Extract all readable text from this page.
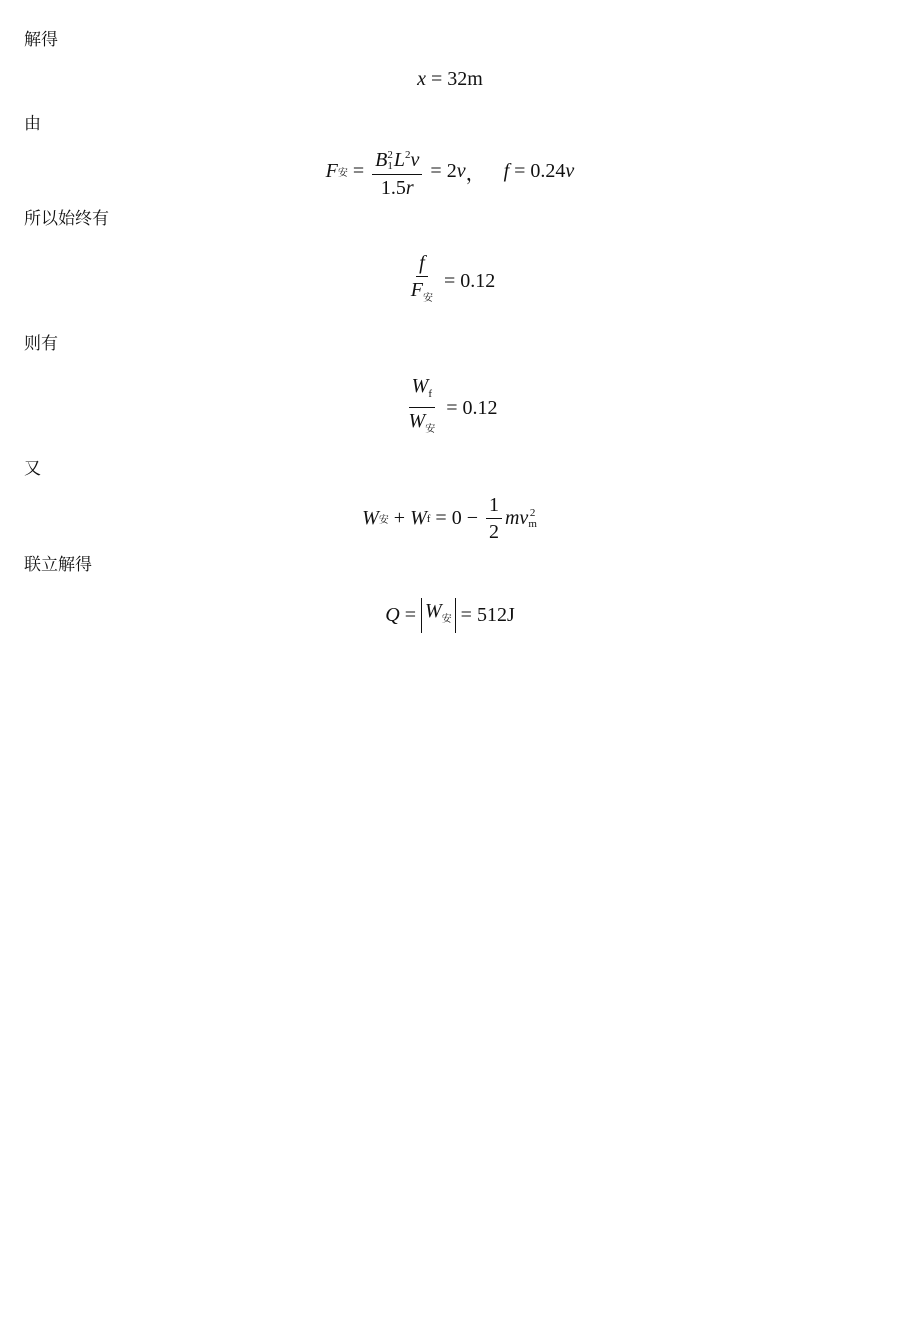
解得
x = 32m
由
F 安 = B 2
1 $L^2v$
1.5r = 2 v ， f = 0.24 v
所以始终有
$\frac{f}{F_安} = 0.12$
则有
$\frac{W_f}{W_安} = 0.12$
又
W 安 + W $f = 0 - \frac{1}{2}$ m v 2
m
联立解得
$Q = W_安 = 512J$
